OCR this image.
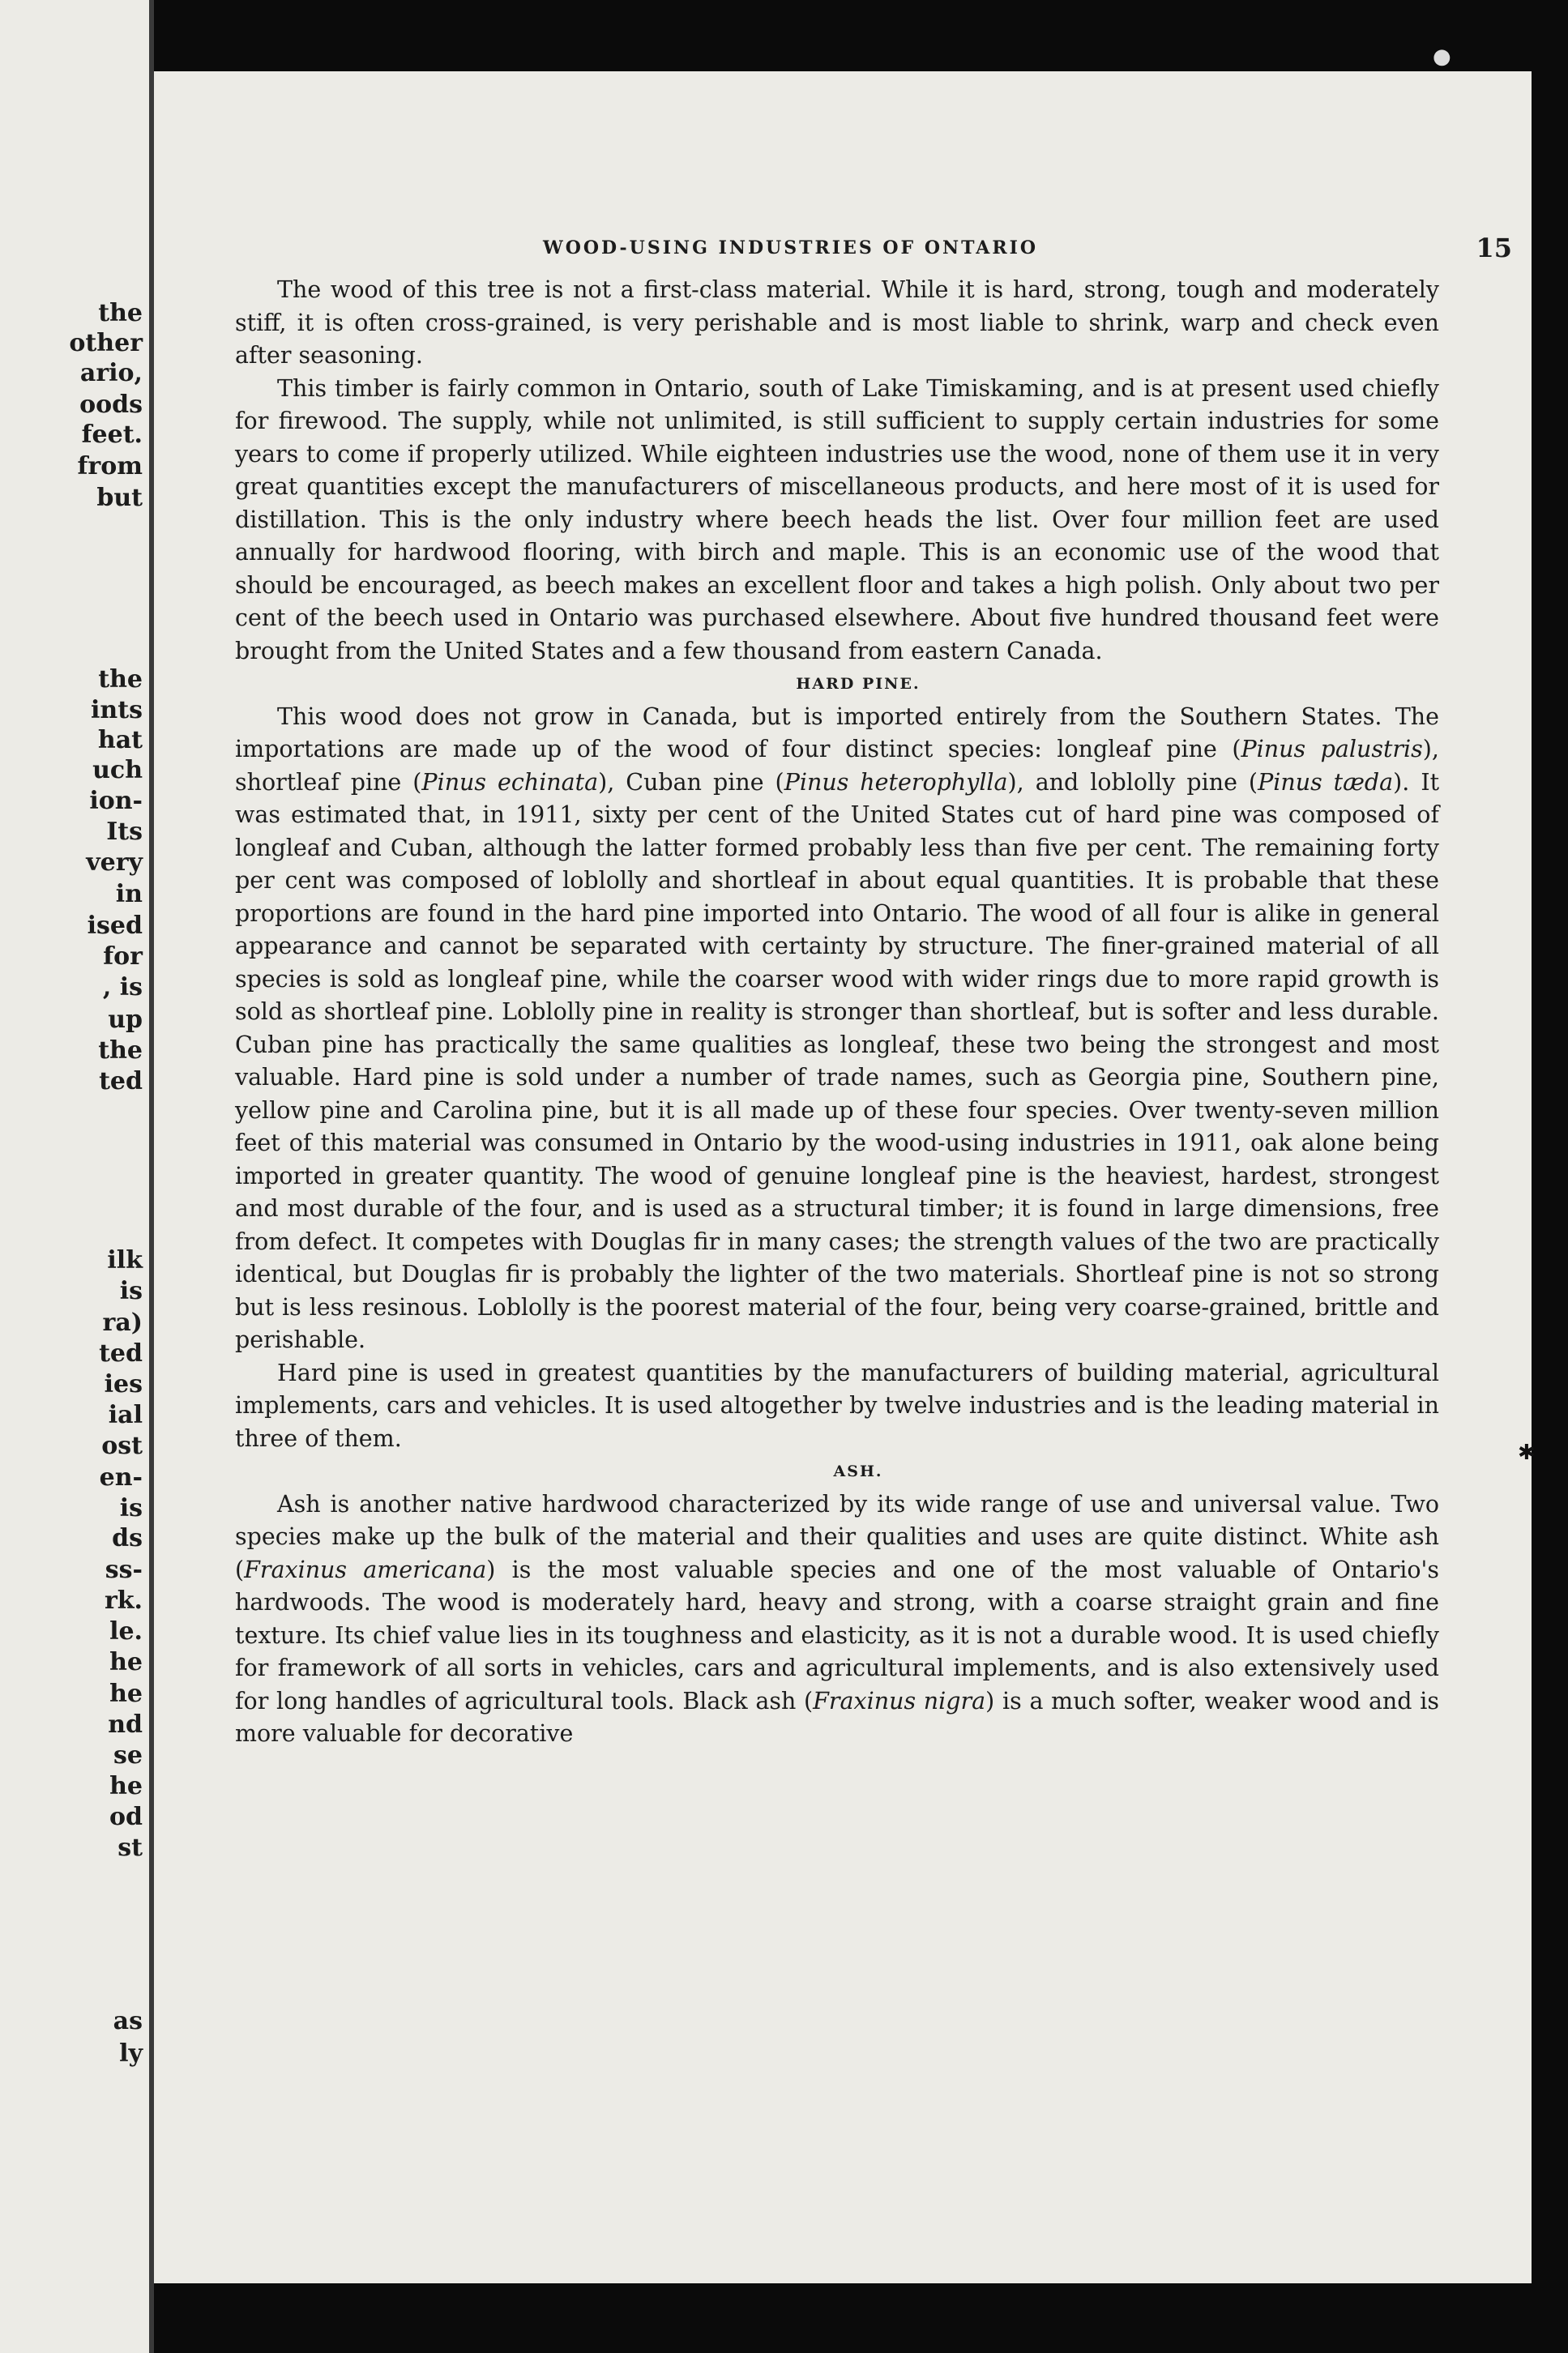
the
other
ario,
oods
feet.
from
but
the
ints
hat
uch
ion-
Its
very
in
ised
for
, is
up
the
ted
ilk
is
ra)
ted
ies
ial
ost
en-
is
ds
ss-
rk.
le.
he
he
nd
se
he
od
st
as
ly
WOOD-USING INDUSTRIES OF ONTARIO	15

The wood of this tree is not a first-class material. While it is hard, strong, tough and moderately stiff, it is often cross-grained, is very perishable and is most liable to shrink, warp and check even after seasoning.

This timber is fairly common in Ontario, south of Lake Timiskaming, and is at present used chiefly for firewood. The supply, while not unlimited, is still sufficient to supply certain industries for some years to come if properly utilized. While eighteen industries use the wood, none of them use it in very great quantities except the manufacturers of miscellaneous products, and here most of it is used for distillation. This is the only industry where beech heads the list. Over four million feet are used annually for hardwood flooring, with birch and maple. This is an economic use of the wood that should be encouraged, as beech makes an excellent floor and takes a high polish. Only about two per cent of the beech used in Ontario was purchased elsewhere. About five hundred thousand feet were brought from the United States and a few thousand from eastern Canada.

HARD PINE.

This wood does not grow in Canada, but is imported entirely from the Southern States. The importations are made up of the wood of four distinct species: longleaf pine (Pinus palustris), shortleaf pine (Pinus echinata), Cuban pine (Pinus heterophylla), and loblolly pine (Pinus tæda). It was estimated that, in 1911, sixty per cent of the United States cut of hard pine was composed of longleaf and Cuban, although the latter formed probably less than five per cent. The remaining forty per cent was composed of loblolly and shortleaf in about equal quantities. It is probable that these proportions are found in the hard pine imported into Ontario. The wood of all four is alike in general appearance and cannot be separated with certainty by structure. The finer-grained material of all species is sold as longleaf pine, while the coarser wood with wider rings due to more rapid growth is sold as shortleaf pine. Loblolly pine in reality is stronger than shortleaf, but is softer and less durable. Cuban pine has practically the same qualities as longleaf, these two being the strongest and most valuable. Hard pine is sold under a number of trade names, such as Georgia pine, Southern pine, yellow pine and Carolina pine, but it is all made up of these four species. Over twenty-seven million feet of this material was consumed in Ontario by the wood-using industries in 1911, oak alone being imported in greater quantity. The wood of genuine longleaf pine is the heaviest, hardest, strongest and most durable of the four, and is used as a structural timber; it is found in large dimensions, free from defect. It competes with Douglas fir in many cases; the strength values of the two are practically identical, but Douglas fir is probably the lighter of the two materials. Shortleaf pine is not so strong but is less resinous. Loblolly is the poorest material of the four, being very coarse-grained, brittle and perishable.

Hard pine is used in greatest quantities by the manufacturers of building material, agricultural implements, cars and vehicles. It is used altogether by twelve industries and is the leading material in three of them.

ASH.

Ash is another native hardwood characterized by its wide range of use and universal value. Two species make up the bulk of the material and their qualities and uses are quite distinct. White ash (Fraxinus americana) is the most valuable species and one of the most valuable of Ontario's hardwoods. The wood is moderately hard, heavy and strong, with a coarse straight grain and fine texture. Its chief value lies in its toughness and elasticity, as it is not a durable wood. It is used chiefly for framework of all sorts in vehicles, cars and agricultural implements, and is also extensively used for long handles of agricultural tools. Black ash (Fraxinus nigra) is a much softer, weaker wood and is more valuable for decorative

✱
●
